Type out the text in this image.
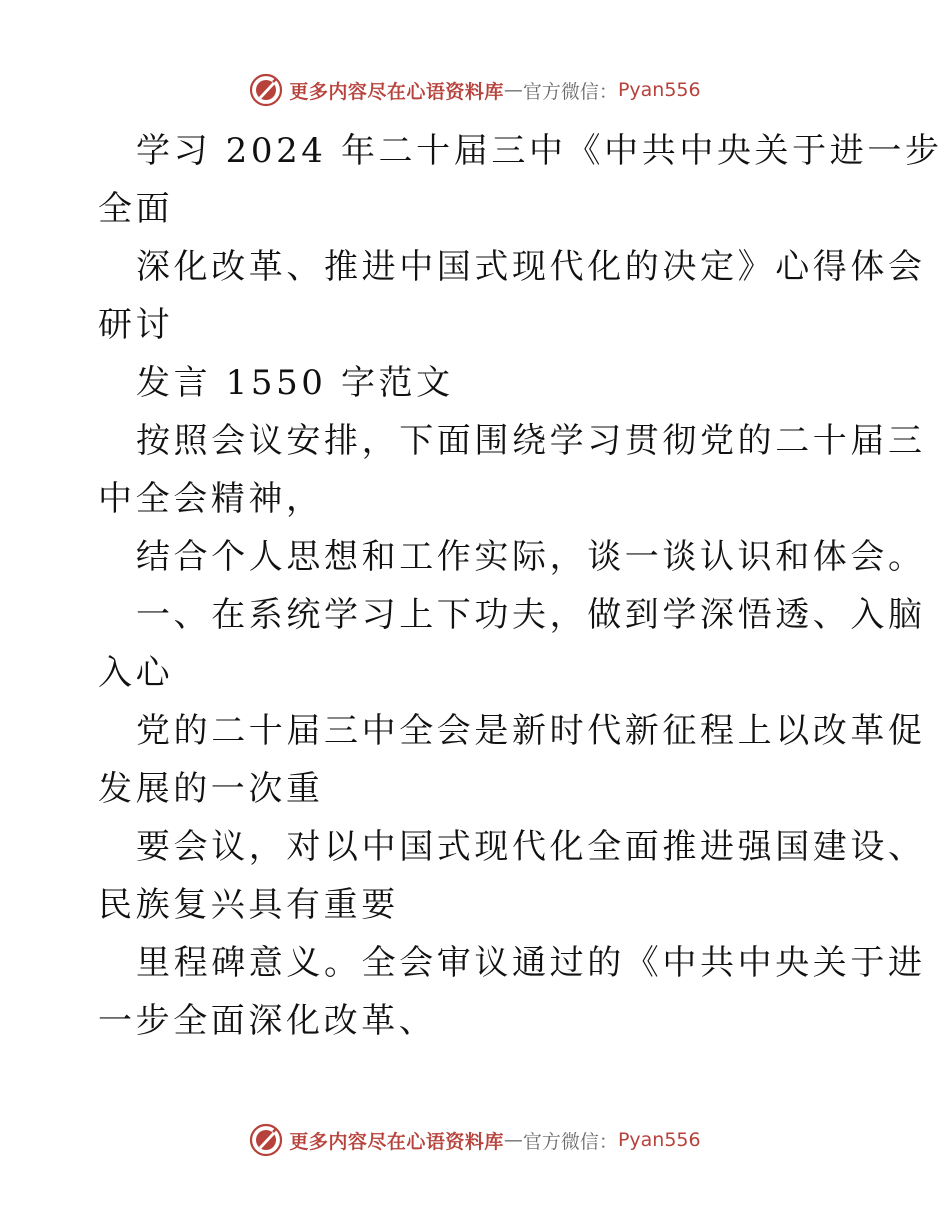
更多内容尽在心语资料库 — 官方微信： Pyan556
学习 2024 年二十届三中《中共中央关于进一步
全面
深化改革、推进中国式现代化的决定》心得体会
研讨
发言 1550 字范文
按照会议安排，下面围绕学习贯彻党的二十届三
中全会精神，
结合个人思想和工作实际，谈一谈认识和体会。
一、在系统学习上下功夫，做到学深悟透、入脑
入心
党的二十届三中全会是新时代新征程上以改革促
发展的一次重
要会议，对以中国式现代化全面推进强国建设、
民族复兴具有重要
里程碑意义。全会审议通过的《中共中央关于进
一步全面深化改革、
更多内容尽在心语资料库 — 官方微信： Pyan556
